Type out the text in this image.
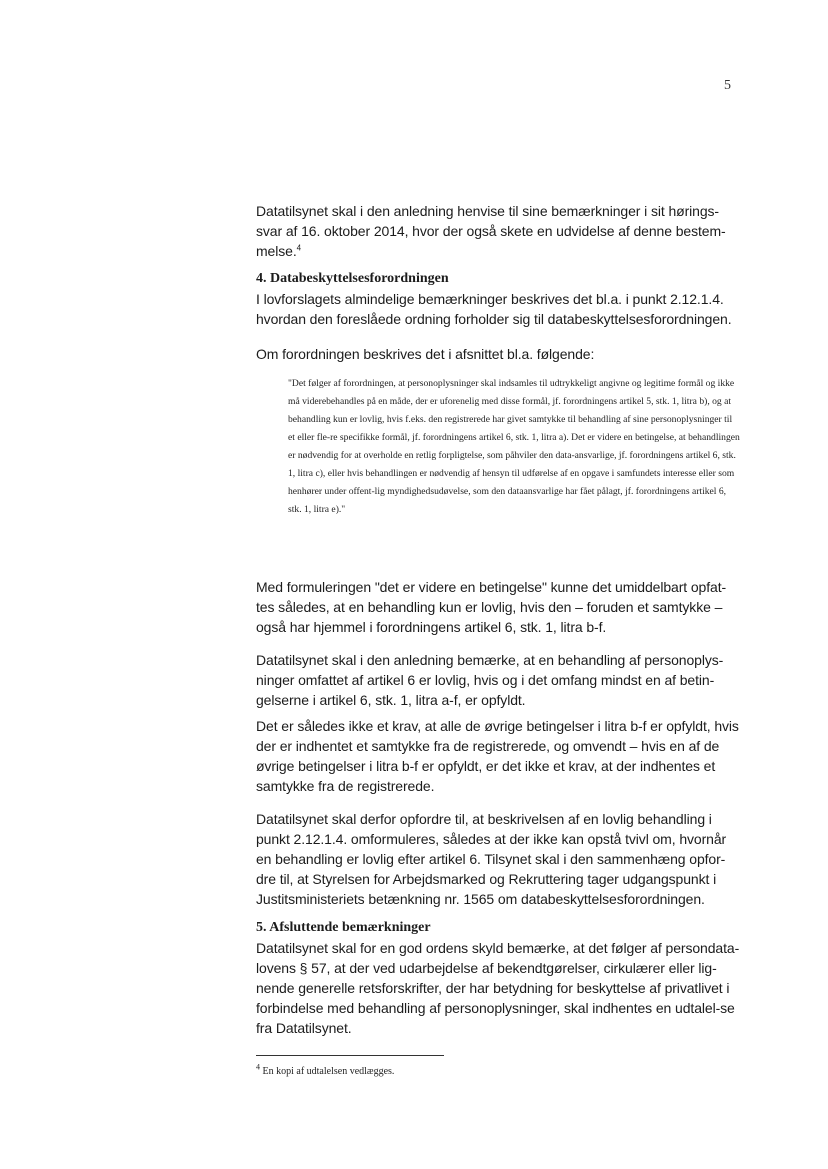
5

Datatilsynet skal i den anledning henvise til sine bemærkninger i sit hørings-svar af 16. oktober 2014, hvor der også skete en udvidelse af denne bestem-melse.$^4$

4. Databeskyttelsesforordningen

I lovforslagets almindelige bemærkninger beskrives det bl.a. i punkt 2.12.1.4. hvordan den foreslåede ordning forholder sig til databeskyttelsesforordningen.

Om forordningen beskrives det i afsnittet bl.a. følgende:

"Det følger af forordningen, at personoplysninger skal indsamles til udtrykkeligt angivne og legitime formål og ikke må viderebehandles på en måde, der er uforenelig med disse formål, jf. forordningens artikel 5, stk. 1, litra b), og at behandling kun er lovlig, hvis f.eks. den registrerede har givet samtykke til behandling af sine personoplysninger til et eller fle-re specifikke formål, jf. forordningens artikel 6, stk. 1, litra a). Det er videre en betingelse, at behandlingen er nødvendig for at overholde en retlig forpligtelse, som påhviler den data-ansvarlige, jf. forordningens artikel 6, stk. 1, litra c), eller hvis behandlingen er nødvendig af hensyn til udførelse af en opgave i samfundets interesse eller som henhører under offent-lig myndighedsudøvelse, som den dataansvarlige har fået pålagt, jf. forordningens artikel 6, stk. 1, litra e)."

Med formuleringen "det er videre en betingelse" kunne det umiddelbart opfat-tes således, at en behandling kun er lovlig, hvis den – foruden et samtykke – også har hjemmel i forordningens artikel 6, stk. 1, litra b-f.

Datatilsynet skal i den anledning bemærke, at en behandling af personoplys-ninger omfattet af artikel 6 er lovlig, hvis og i det omfang mindst en af betin-gelserne i artikel 6, stk. 1, litra a-f, er opfyldt.

Det er således ikke et krav, at alle de øvrige betingelser i litra b-f er opfyldt, hvis der er indhentet et samtykke fra de registrerede, og omvendt – hvis en af de øvrige betingelser i litra b-f er opfyldt, er det ikke et krav, at der indhentes et samtykke fra de registrerede.

Datatilsynet skal derfor opfordre til, at beskrivelsen af en lovlig behandling i punkt 2.12.1.4. omformuleres, således at der ikke kan opstå tvivl om, hvornår en behandling er lovlig efter artikel 6. Tilsynet skal i den sammenhæng opfor-dre til, at Styrelsen for Arbejdsmarked og Rekruttering tager udgangspunkt i Justitsministeriets betænkning nr. 1565 om databeskyttelsesforordningen.

5. Afsluttende bemærkninger

Datatilsynet skal for en god ordens skyld bemærke, at det følger af persondata-lovens § 57, at der ved udarbejdelse af bekendtgørelser, cirkulærer eller lig-nende generelle retsforskrifter, der har betydning for beskyttelse af privatlivet i forbindelse med behandling af personoplysninger, skal indhentes en udtalel-se fra Datatilsynet.

$^4$ En kopi af udtalelsen vedlægges.
